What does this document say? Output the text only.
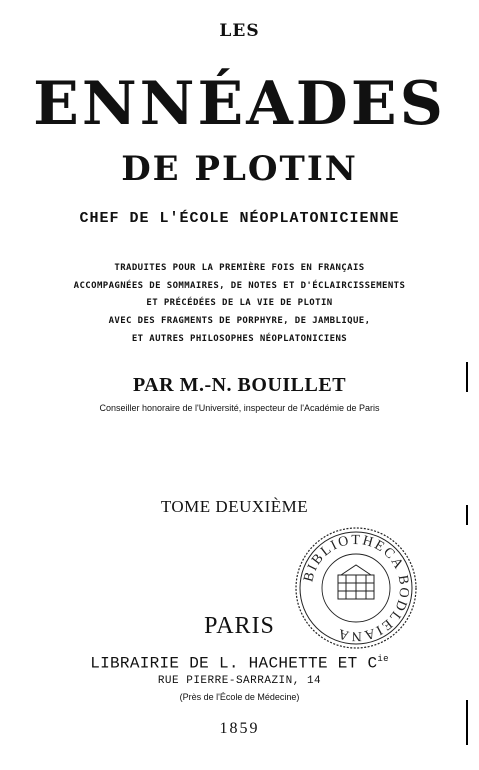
LES
ENNÉADES
DE PLOTIN
CHEF DE L'ÉCOLE NÉOPLATONICIENNE
TRADUITES POUR LA PREMIÈRE FOIS EN FRANÇAIS
ACCOMPAGNÉES DE SOMMAIRES, DE NOTES ET D'ÉCLAIRCISSEMENTS
ET PRÉCÉDÉES DE LA VIE DE PLOTIN
AVEC DES FRAGMENTS DE PORPHYRE, DE JAMBLIQUE,
ET AUTRES PHILOSOPHES NÉOPLATONICIENS
PAR M.-N. BOUILLET
Conseiller honoraire de l'Université, inspecteur de l'Académie de Paris
TOME DEUXIÈME
BIBLIOTHECA BODLEIANA
PARIS
LIBRAIRIE DE L. HACHETTE ET $C^{ie}$
RUE PIERRE-SARRAZIN, 14
(Près de l'École de Médecine)
1859
